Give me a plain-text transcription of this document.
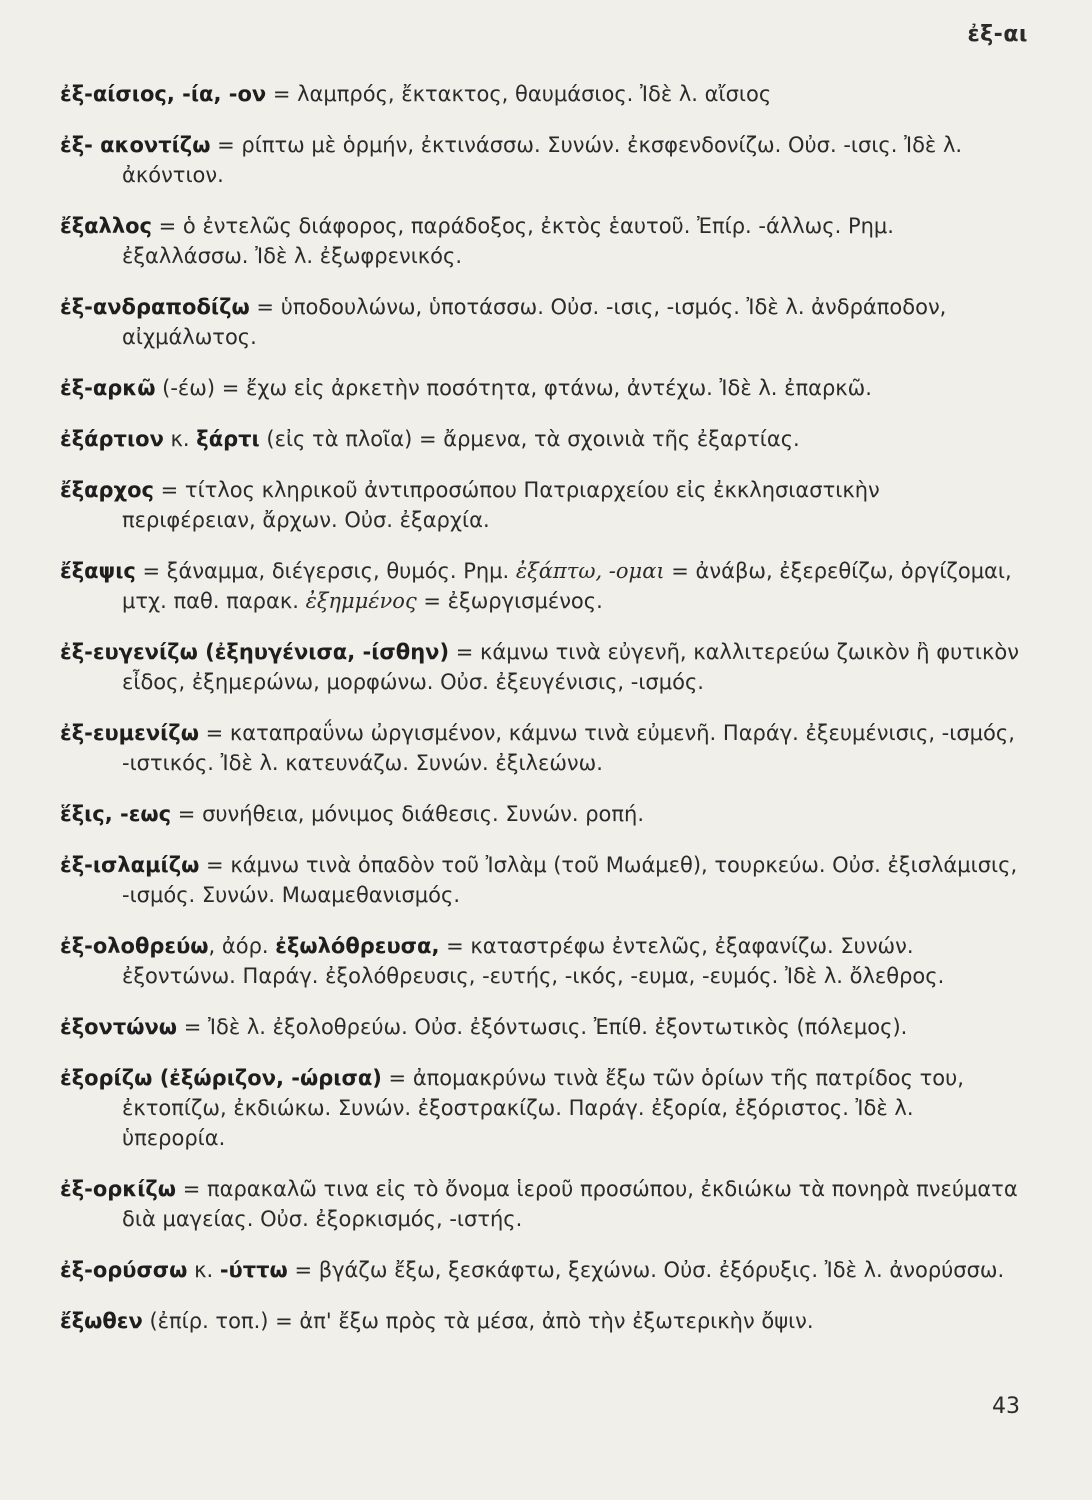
ἐξ-αι

ἐξ-αίσιος, -ία, -ον = λαμπρός, ἔκτακτος, θαυμάσιος. Ἰδὲ λ. αἴσιος

ἐξ- ακοντίζω = ρίπτω μὲ ὁρμήν, ἐκτινάσσω. Συνών. ἐκσφενδονίζω. Οὐσ. -ισις. Ἰδὲ λ. ἀκόντιον.

ἔξαλλος = ὁ ἐντελῶς διάφορος, παράδοξος, ἐκτὸς ἑαυτοῦ. Ἐπίρ. -άλλως. Ρημ. ἐξαλλάσσω. Ἰδὲ λ. ἐξωφρενικός.

ἐξ-ανδραποδίζω = ὑποδουλώνω, ὑποτάσσω. Οὐσ. -ισις, -ισμός. Ἰδὲ λ. ἀνδράποδον, αἰχμάλωτος.

ἐξ-αρκῶ (-έω) = ἔχω εἰς ἀρκετὴν ποσότητα, φτάνω, ἀντέχω. Ἰδὲ λ. ἐπαρκῶ.

ἐξάρτιον κ. ξάρτι (εἰς τὰ πλοῖα) = ἄρμενα, τὰ σχοινιὰ τῆς ἐξαρτίας.

ἔξαρχος = τίτλος κληρικοῦ ἀντιπροσώπου Πατριαρχείου εἰς ἐκκλησιαστικὴν περιφέρειαν, ἄρχων. Οὐσ. ἐξαρχία.

ἔξαψις = ξάναμμα, διέγερσις, θυμός. Ρημ. ἐξάπτω, -ομαι = ἀνάβω, ἐξερεθίζω, ὀργίζομαι, μτχ. παθ. παρακ. ἐξημμένος = ἐξωργισμένος.

ἐξ-ευγενίζω (ἐξηυγένισα, -ίσθην) = κάμνω τινὰ εὐγενῆ, καλλιτερεύω ζωικὸν ἢ φυτικὸν εἶδος, ἐξημερώνω, μορφώνω. Οὐσ. ἐξευγένισις, -ισμός.

ἐξ-ευμενίζω = καταπραΰνω ὠργισμένον, κάμνω τινὰ εὐμενῆ. Παράγ. ἐξευμένισις, -ισμός, -ιστικός. Ἰδὲ λ. κατευνάζω. Συνών. ἐξιλεώνω.

ἕξις, -εως = συνήθεια, μόνιμος διάθεσις. Συνών. ροπή.

ἐξ-ισλαμίζω = κάμνω τινὰ ὀπαδὸν τοῦ Ἰσλὰμ (τοῦ Μωάμεθ), τουρκεύω. Οὐσ. ἐξισλάμισις, -ισμός. Συνών. Μωαμεθανισμός.

ἐξ-ολοθρεύω, ἀόρ. ἐξωλόθρευσα, = καταστρέφω ἐντελῶς, ἐξαφανίζω. Συνών. ἐξοντώνω. Παράγ. ἐξολόθρευσις, -ευτής, -ικός, -ευμα, -ευμός. Ἰδὲ λ. ὄλεθρος.

ἐξοντώνω = Ἰδὲ λ. ἐξολοθρεύω. Οὐσ. ἐξόντωσις. Ἐπίθ. ἐξοντωτικὸς (πόλεμος).

ἐξορίζω (ἐξώριζον, -ώρισα) = ἀπομακρύνω τινὰ ἔξω τῶν ὁρίων τῆς πατρίδος του, ἐκτοπίζω, ἐκδιώκω. Συνών. ἐξοστρακίζω. Παράγ. ἐξορία, ἐξόριστος. Ἰδὲ λ. ὑπερορία.

ἐξ-ορκίζω = παρακαλῶ τινα εἰς τὸ ὄνομα ἱεροῦ προσώπου, ἐκδιώκω τὰ πονηρὰ πνεύματα διὰ μαγείας. Οὐσ. ἐξορκισμός, -ιστής.

ἐξ-ορύσσω κ. -ύττω = βγάζω ἔξω, ξεσκάφτω, ξεχώνω. Οὐσ. ἐξόρυξις. Ἰδὲ λ. ἀνορύσσω.

ἔξωθεν (ἐπίρ. τοπ.) = ἀπ' ἔξω πρὸς τὰ μέσα, ἀπὸ τὴν ἐξωτερικὴν ὄψιν.

43
